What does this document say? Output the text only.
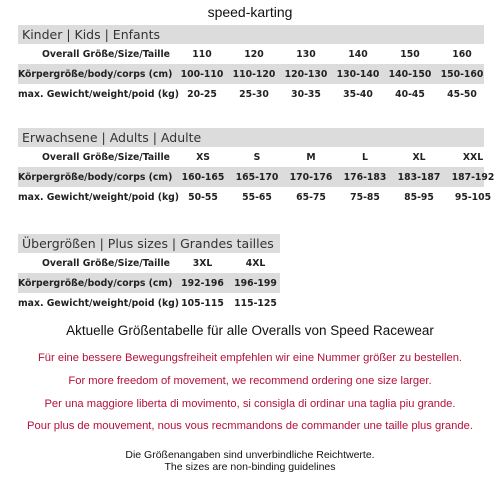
speed-karting
Kinder | Kids | Enfants
Overall Größe/Size/Taille	110	120	130	140	150	160
Körpergröße/body/corps (cm) 100-110	110-120	120-130	130-140	140-150	150-160
max. Gewicht/weight/poid (kg) 20-25	25-30	30-35	35-40	40-45	45-50
Erwachsene | Adults | Adulte
Overall Größe/Size/Taille	XS	S	M	L	XL	XXL
Körpergröße/body/corps (cm)	160-165	165-170	170-176	176-183	183-187	187-192
max. Gewicht/weight/poid (kg) 50-55	55-65	65-75	75-85	85-95	95-105
Übergrößen | Plus sizes | Grandes tailles
Overall Größe/Size/Taille	3XL	4XL
Körpergröße/body/corps (cm) 192-196	196-199
max. Gewicht/weight/poid (kg) 105-115	115-125
Aktuelle Größentabelle für alle Overalls von Speed Racewear
Für eine bessere Bewegungsfreiheit empfehlen wir eine Nummer größer zu bestellen.
For more freedom of movement, we recommend ordering one size larger.
Per una maggiore liberta di movimento, si consigla di ordinar una taglia piu grande.
Pour plus de mouvement, nous vous recmmandons de commander une taille plus grande.
Die Größenangaben sind unverbindliche Reichtwerte.
The sizes are non-binding guidelines
